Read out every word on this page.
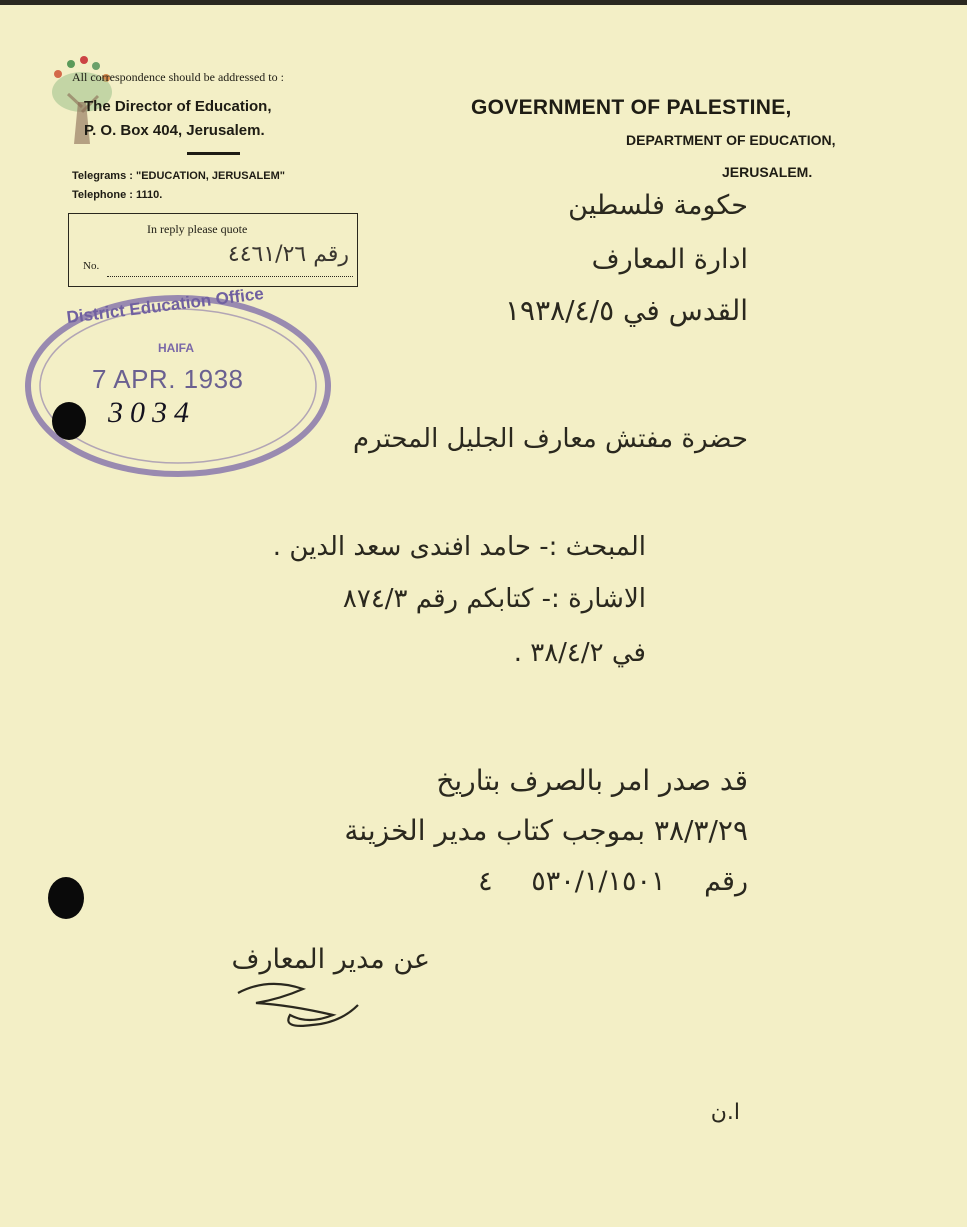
All correspondence should be addressed to :
The Director of Education,
P. O. Box 404, Jerusalem.
Telegrams : "EDUCATION, JERUSALEM"
Telephone : 1110.
In reply please quote
No.	رقم ٤٤٦١/٢٦
GOVERNMENT OF PALESTINE,
DEPARTMENT OF EDUCATION,
JERUSALEM.
حكومة فلسطين
ادارة المعارف
القدس في ١٩٣٨/٤/٥
District Education Office
HAIFA
7 APR. 1938
3034
حضرة مفتش معارف الجليل المحترم
المبحث :- حامد افندى سعد الدين .
الاشارة :- كتابكم رقم ٨٧٤/٣
في ٣٨/٤/٢ .
قد صدر امر بالصرف بتاريخ
٣٨/٣/٢٩ بموجب كتاب مدير الخزينة
رقم ٥٣٠/١/١٥٠١ ٤
عن مدير المعارف
ا.ن
